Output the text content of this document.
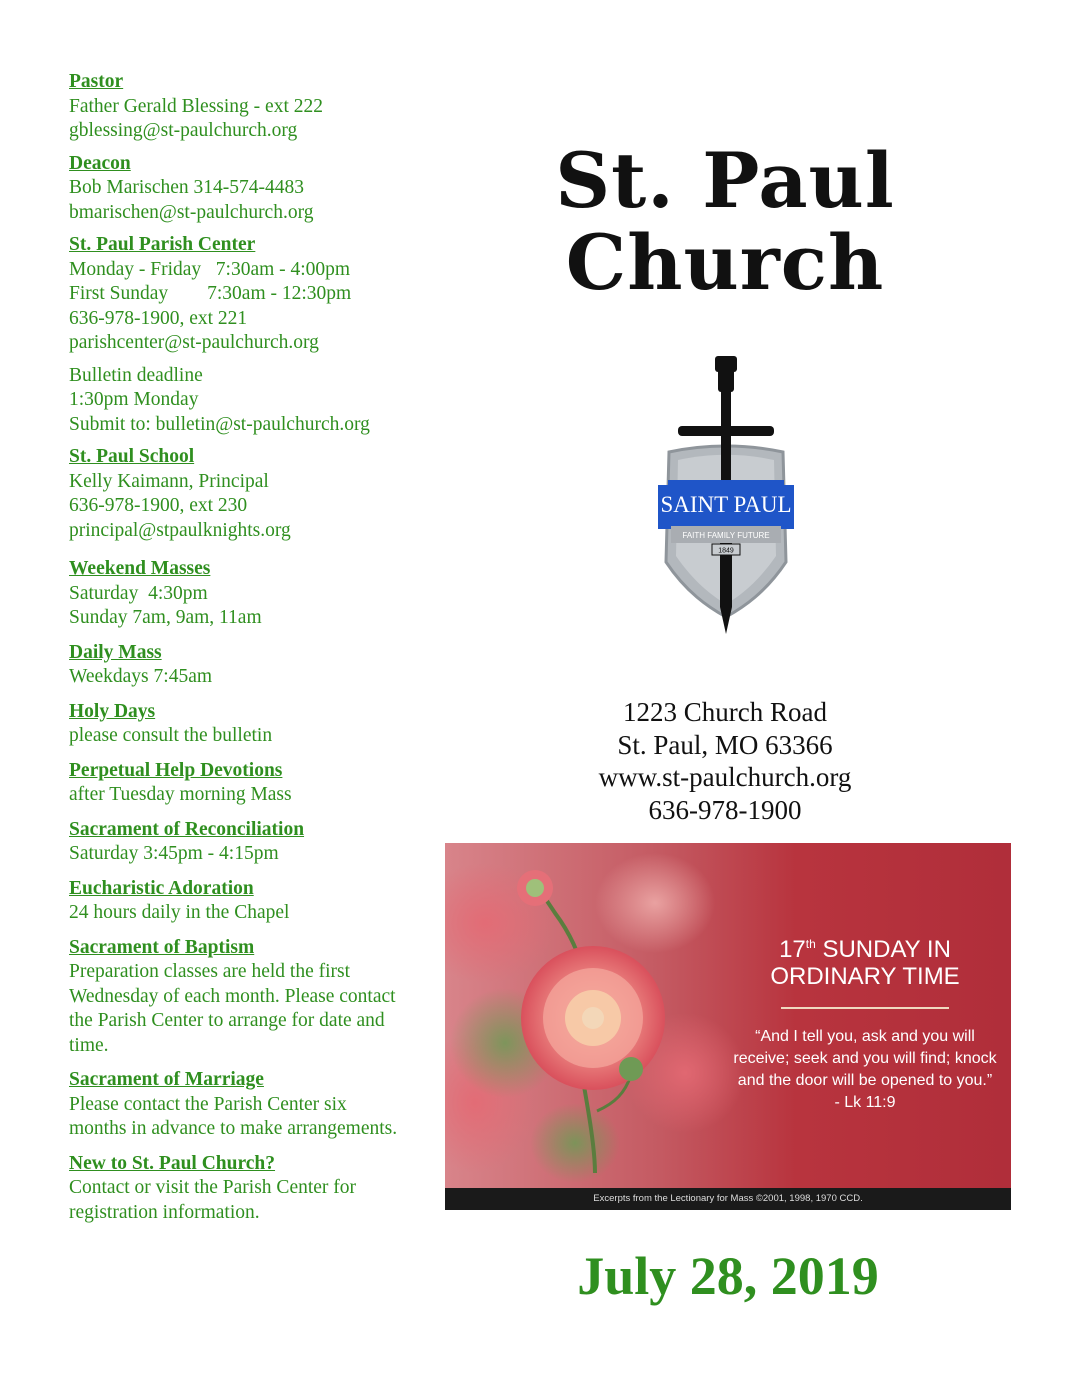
Pastor

Father Gerald Blessing - ext 222

gblessing@st-paulchurch.org

Deacon

Bob Marischen 314-574-4483

bmarischen@st-paulchurch.org

St. Paul Parish Center

Monday - Friday   7:30am - 4:00pm

First Sunday        7:30am - 12:30pm

636-978-1900, ext 221

parishcenter@st-paulchurch.org

Bulletin deadline

1:30pm Monday

Submit to: bulletin@st-paulchurch.org

St. Paul School

Kelly Kaimann, Principal

636-978-1900, ext 230

principal@stpaulknights.org

Weekend Masses

Saturday  4:30pm

Sunday 7am, 9am, 11am

Daily Mass

Weekdays 7:45am

Holy Days

please consult the bulletin

Perpetual Help Devotions

after Tuesday morning Mass

Sacrament of Reconciliation

Saturday 3:45pm - 4:15pm

Eucharistic Adoration

24 hours daily in the Chapel

Sacrament of Baptism

Preparation classes are held the first Wednesday of each month. Please contact the Parish Center to arrange for date and time.

Sacrament of Marriage

Please contact the Parish Center six months in advance to make arrangements.

New to St. Paul Church?

Contact or visit the Parish Center for registration information.

St. Paul
Church
SAINT PAUL
FAITH FAMILY FUTURE
1849
1223 Church Road
St. Paul, MO 63366
www.st-paulchurch.org
636-978-1900
17th SUNDAY IN
ORDINARY TIME
“And I tell you, ask and you will receive; seek and you will find; knock and the door will be opened to you.” - Lk 11:9
Excerpts from the Lectionary for Mass ©2001, 1998, 1970 CCD.
July 28, 2019
